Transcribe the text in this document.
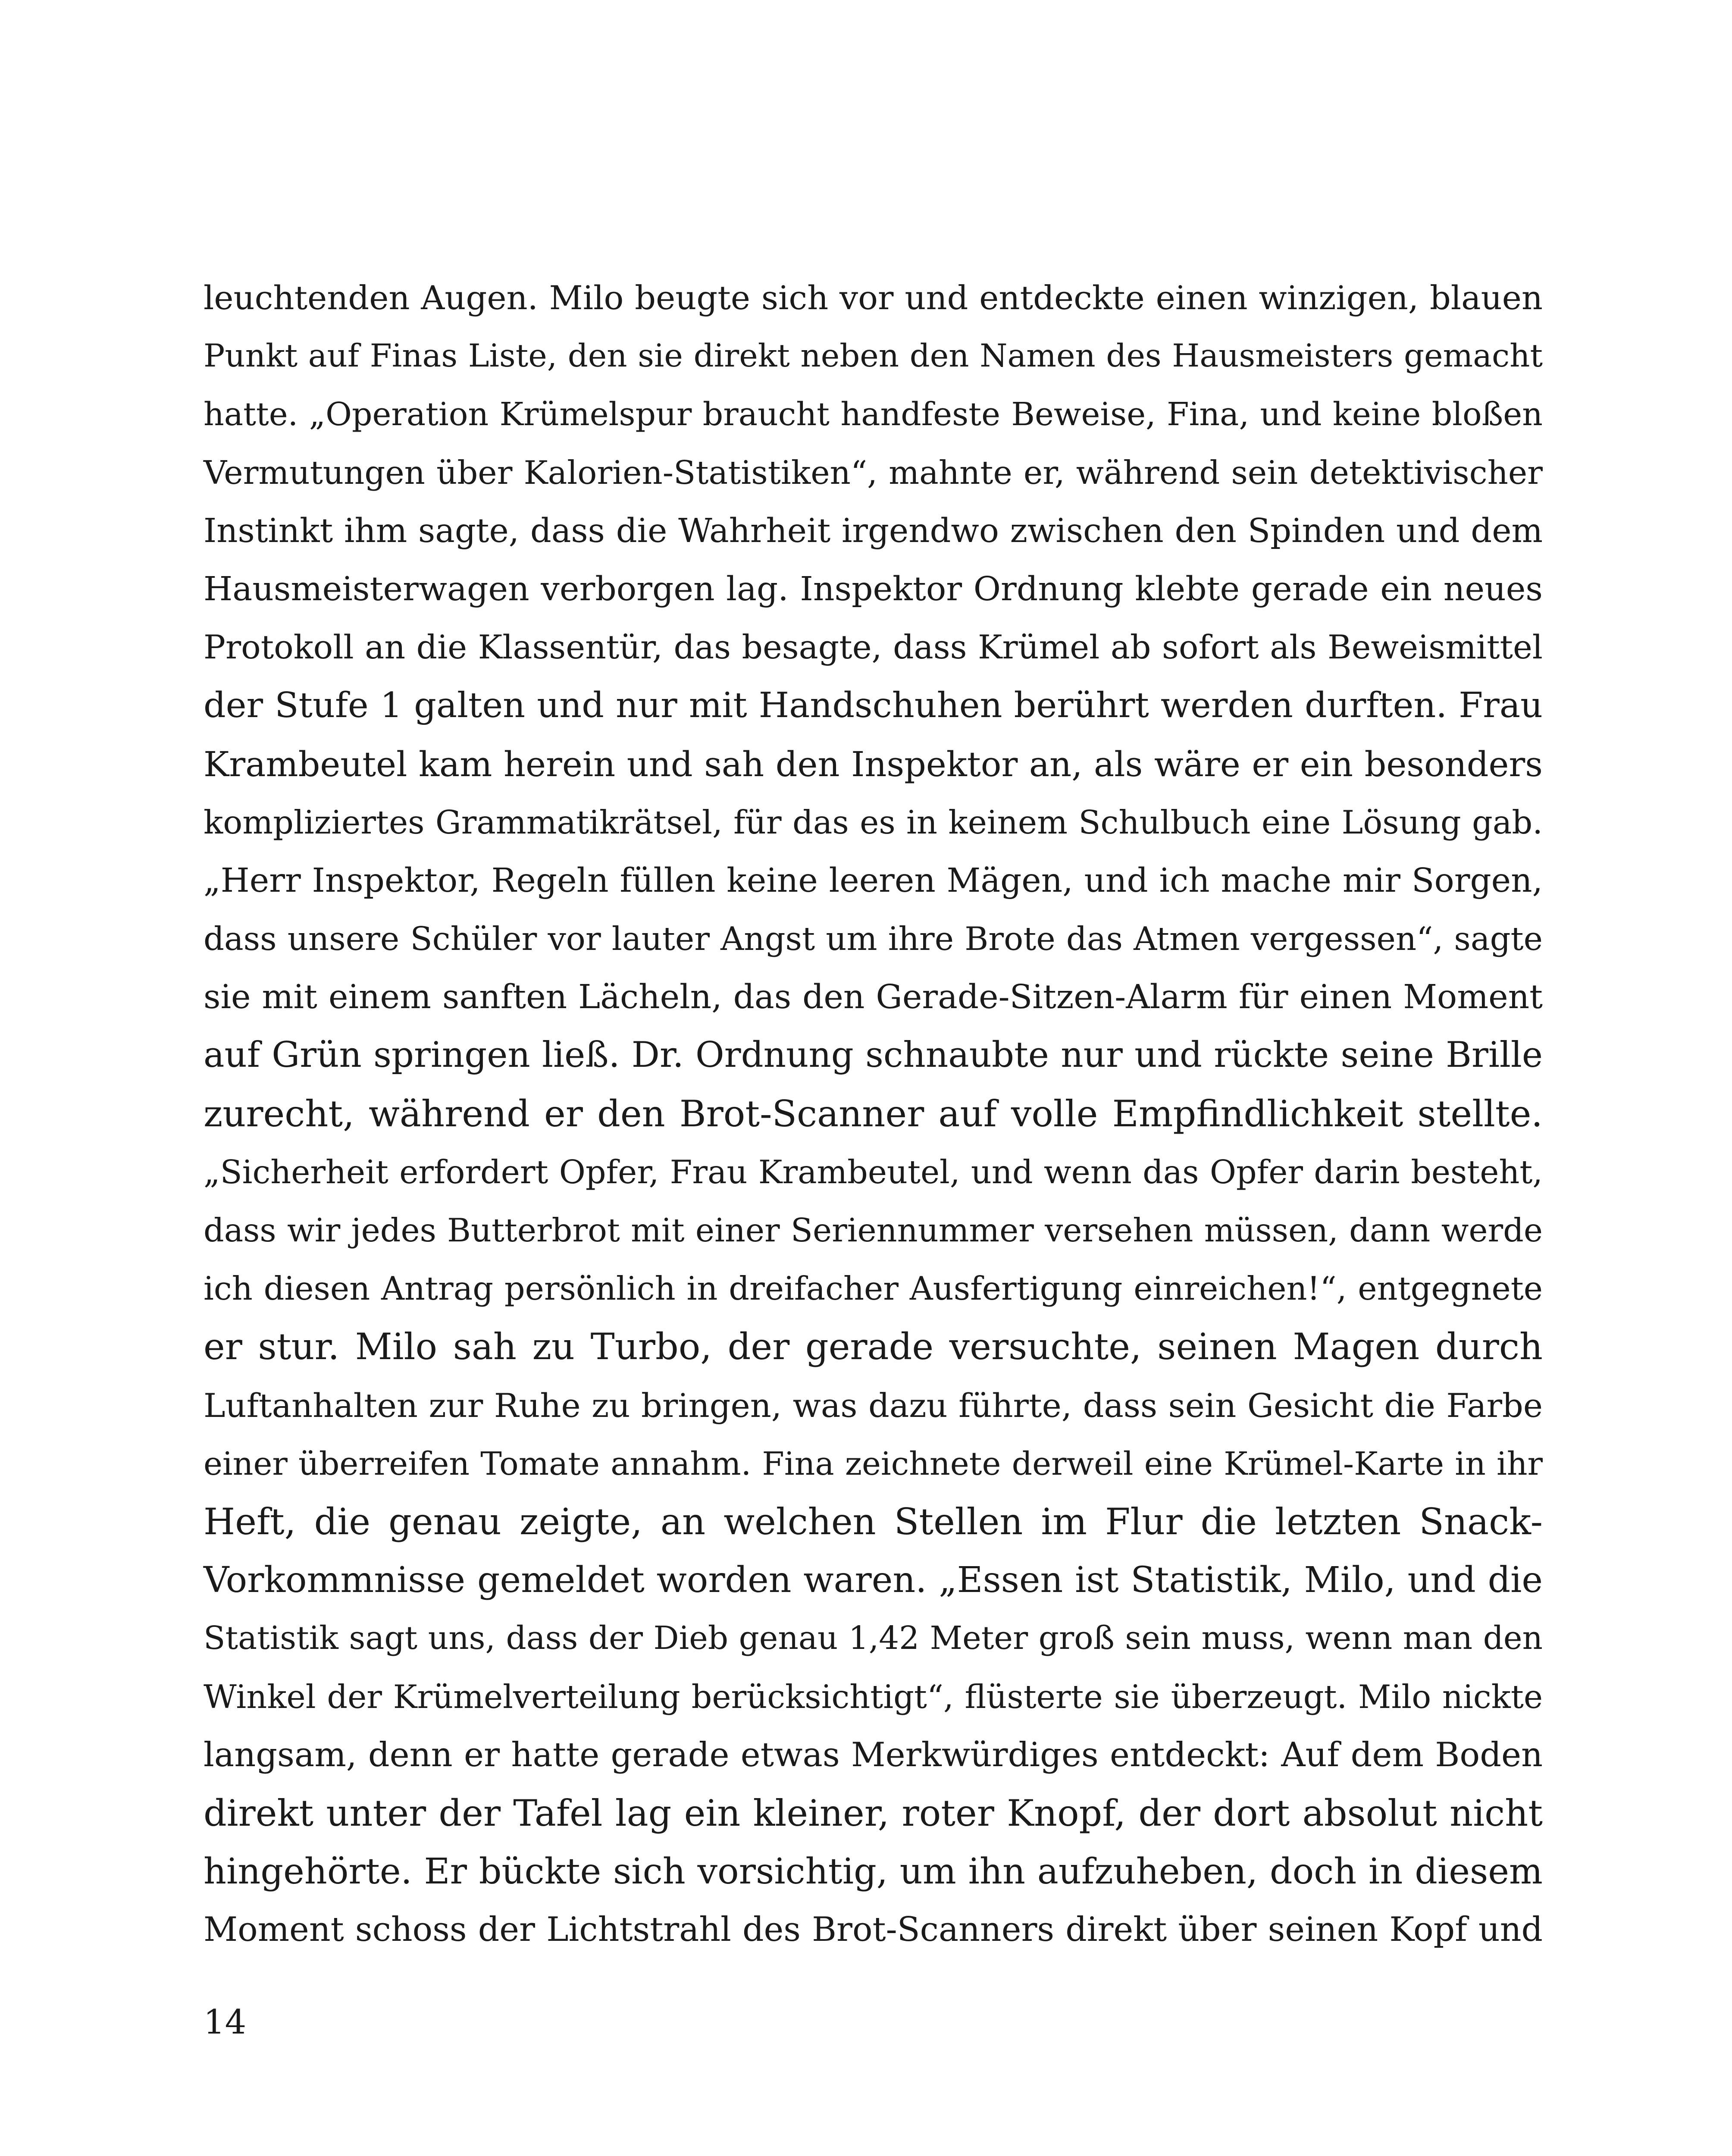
leuchtenden Augen. Milo beugte sich vor und entdeckte einen winzigen, blauen
Punkt auf Finas Liste, den sie direkt neben den Namen des Hausmeisters gemacht
hatte. „Operation Krümelspur braucht handfeste Beweise, Fina, und keine bloßen
Vermutungen über Kalorien-Statistiken“, mahnte er, während sein detektivischer
Instinkt ihm sagte, dass die Wahrheit irgendwo zwischen den Spinden und dem
Hausmeisterwagen verborgen lag. Inspektor Ordnung klebte gerade ein neues
Protokoll an die Klassentür, das besagte, dass Krümel ab sofort als Beweismittel
der Stufe 1 galten und nur mit Handschuhen berührt werden durften. Frau
Krambeutel kam herein und sah den Inspektor an, als wäre er ein besonders
kompliziertes Grammatikrätsel, für das es in keinem Schulbuch eine Lösung gab.
„Herr Inspektor, Regeln füllen keine leeren Mägen, und ich mache mir Sorgen,
dass unsere Schüler vor lauter Angst um ihre Brote das Atmen vergessen“, sagte
sie mit einem sanften Lächeln, das den Gerade-Sitzen-Alarm für einen Moment
auf Grün springen ließ. Dr. Ordnung schnaubte nur und rückte seine Brille
zurecht, während er den Brot-Scanner auf volle Empfindlichkeit stellte.
„Sicherheit erfordert Opfer, Frau Krambeutel, und wenn das Opfer darin besteht,
dass wir jedes Butterbrot mit einer Seriennummer versehen müssen, dann werde
ich diesen Antrag persönlich in dreifacher Ausfertigung einreichen!“, entgegnete
er stur. Milo sah zu Turbo, der gerade versuchte, seinen Magen durch
Luftanhalten zur Ruhe zu bringen, was dazu führte, dass sein Gesicht die Farbe
einer überreifen Tomate annahm. Fina zeichnete derweil eine Krümel-Karte in ihr
Heft, die genau zeigte, an welchen Stellen im Flur die letzten Snack-
Vorkommnisse gemeldet worden waren. „Essen ist Statistik, Milo, und die
Statistik sagt uns, dass der Dieb genau 1,42 Meter groß sein muss, wenn man den
Winkel der Krümelverteilung berücksichtigt“, flüsterte sie überzeugt. Milo nickte
langsam, denn er hatte gerade etwas Merkwürdiges entdeckt: Auf dem Boden
direkt unter der Tafel lag ein kleiner, roter Knopf, der dort absolut nicht
hingehörte. Er bückte sich vorsichtig, um ihn aufzuheben, doch in diesem
Moment schoss der Lichtstrahl des Brot-Scanners direkt über seinen Kopf und
14
